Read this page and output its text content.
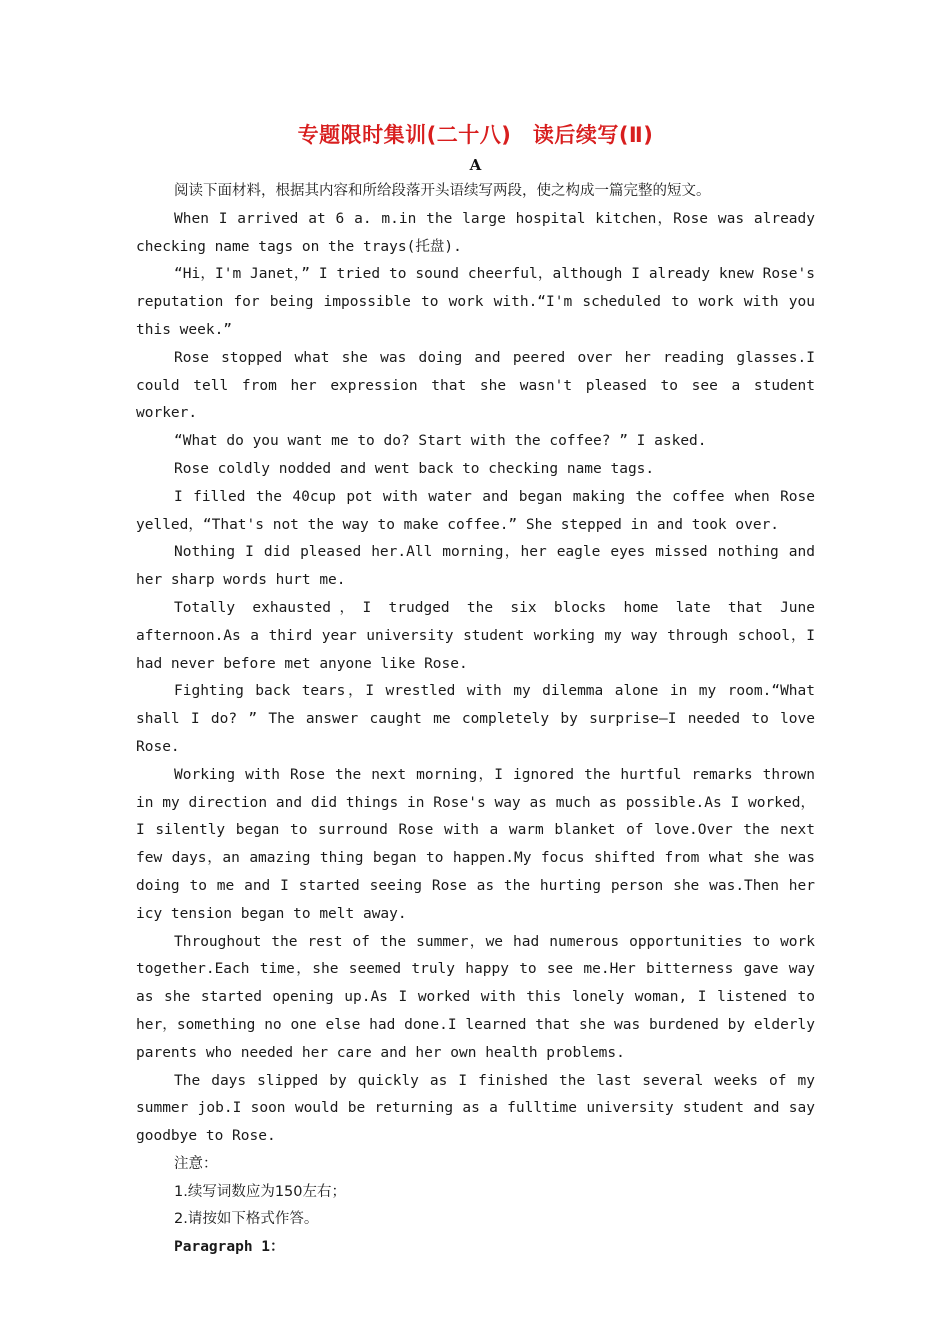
专题限时集训(二十八)　读后续写(Ⅱ)

A

阅读下面材料，根据其内容和所给段落开头语续写两段，使之构成一篇完整的短文。

When I arrived at 6 a. m.in the large hospital kitchen，Rose was already checking name tags on the trays(托盘).

“Hi，I'm Janet，” I tried to sound cheerful，although I already knew Rose's reputation for being impossible to work with.“I'm scheduled to work with you this week.”

Rose stopped what she was doing and peered over her reading glasses.I could tell from her expression that she wasn't pleased to see a student worker.

“What do you want me to do? Start with the coffee? ” I asked.

Rose coldly nodded and went back to checking name tags.

I filled the 40cup pot with water and began making the coffee when Rose yelled，“That's not the way to make coffee.” She stepped in and took over.

Nothing I did pleased her.All morning，her eagle eyes missed nothing and her sharp words hurt me.

Totally exhausted，I trudged the six blocks home late that June afternoon.As a third year university student working my way through school，I had never before met anyone like Rose.

Fighting back tears，I wrestled with my dilemma alone in my room.“What shall I do? ” The answer caught me completely by surprise—I needed to love Rose.

Working with Rose the next morning，I ignored the hurtful remarks thrown in my direction and did things in Rose's way as much as possible.As I worked，I silently began to surround Rose with a warm blanket of love.Over the next few days，an amazing thing began to happen.My focus shifted from what she was doing to me and I started seeing Rose as the hurting person she was.Then her icy tension began to melt away.

Throughout the rest of the summer，we had numerous opportunities to work together.Each time，she seemed truly happy to see me.Her bitterness gave way as she started opening up.As I worked with this lonely woman, I listened to her，something no one else had done.I learned that she was burdened by elderly parents who needed her care and her own health problems.

The days slipped by quickly as I finished the last several weeks of my summer job.I soon would be returning as a fulltime university student and say goodbye to Rose.

注意：

1.续写词数应为150左右；

2.请按如下格式作答。

Paragraph 1：
